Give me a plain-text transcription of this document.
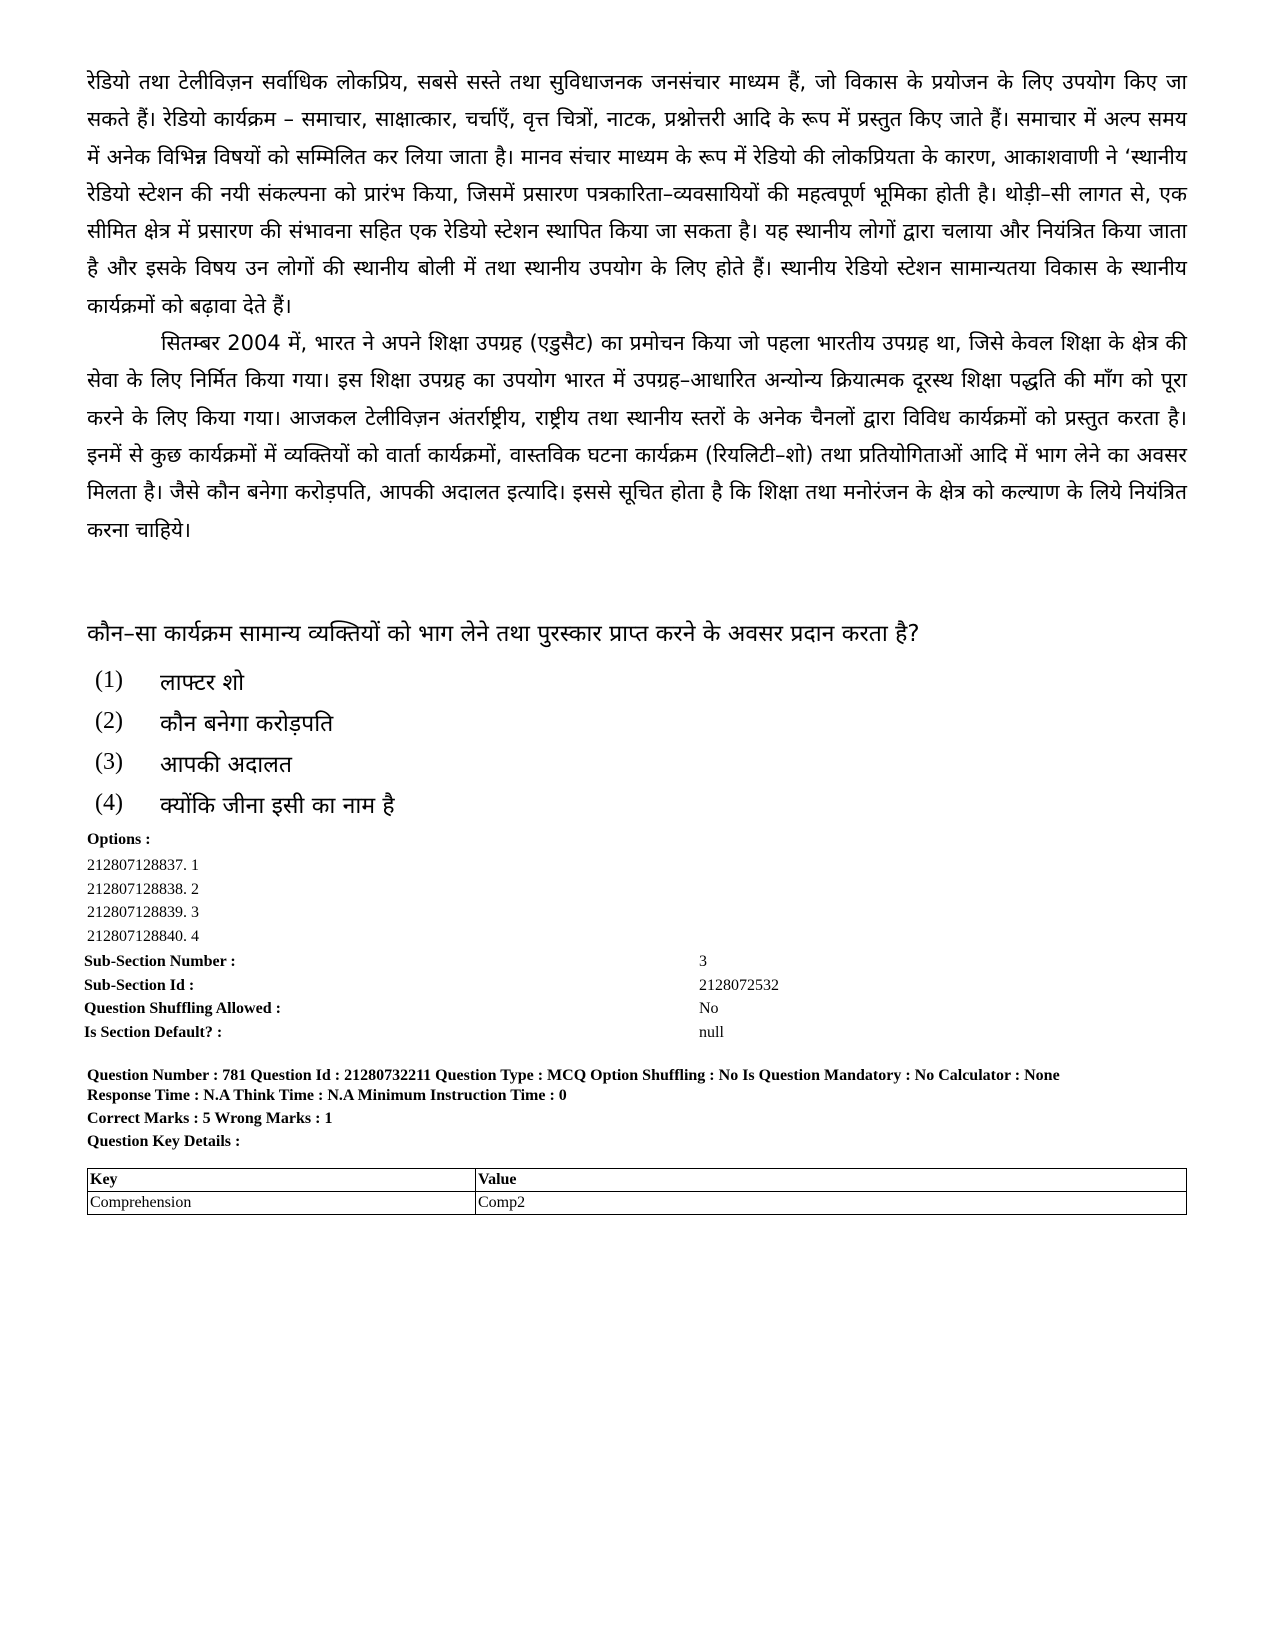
रेडियो तथा टेलीविज़न सर्वाधिक लोकप्रिय, सबसे सस्ते तथा सुविधाजनक जनसंचार माध्यम हैं, जो विकास के प्रयोजन के लिए उपयोग किए जा सकते हैं। रेडियो कार्यक्रम – समाचार, साक्षात्कार, चर्चाएँ, वृत्त चित्रों, नाटक, प्रश्नोत्तरी आदि के रूप में प्रस्तुत किए जाते हैं। समाचार में अल्प समय में अनेक विभिन्न विषयों को सम्मिलित कर लिया जाता है। मानव संचार माध्यम के रूप में रेडियो की लोकप्रियता के कारण, आकाशवाणी ने ‘स्थानीय रेडियो स्टेशन की नयी संकल्पना को प्रारंभ किया, जिसमें प्रसारण पत्रकारिता–व्यवसायियों की महत्वपूर्ण भूमिका होती है। थोड़ी–सी लागत से, एक सीमित क्षेत्र में प्रसारण की संभावना सहित एक रेडियो स्टेशन स्थापित किया जा सकता है। यह स्थानीय लोगों द्वारा चलाया और नियंत्रित किया जाता है और इसके विषय उन लोगों की स्थानीय बोली में तथा स्थानीय उपयोग के लिए होते हैं। स्थानीय रेडियो स्टेशन सामान्यतया विकास के स्थानीय कार्यक्रमों को बढ़ावा देते हैं।

सितम्बर 2004 में, भारत ने अपने शिक्षा उपग्रह (एडुसैट) का प्रमोचन किया जो पहला भारतीय उपग्रह था, जिसे केवल शिक्षा के क्षेत्र की सेवा के लिए निर्मित किया गया। इस शिक्षा उपग्रह का उपयोग भारत में उपग्रह–आधारित अन्योन्य क्रियात्मक दूरस्थ शिक्षा पद्धति की माँग को पूरा करने के लिए किया गया। आजकल टेलीविज़न अंतर्राष्ट्रीय, राष्ट्रीय तथा स्थानीय स्तरों के अनेक चैनलों द्वारा विविध कार्यक्रमों को प्रस्तुत करता है। इनमें से कुछ कार्यक्रमों में व्यक्तियों को वार्ता कार्यक्रमों, वास्तविक घटना कार्यक्रम (रियलिटी–शो) तथा प्रतियोगिताओं आदि में भाग लेने का अवसर मिलता है। जैसे कौन बनेगा करोड़पति, आपकी अदालत इत्यादि। इससे सूचित होता है कि शिक्षा तथा मनोरंजन के क्षेत्र को कल्याण के लिये नियंत्रित करना चाहिये।

कौन–सा कार्यक्रम सामान्य व्यक्तियों को भाग लेने तथा पुरस्कार प्राप्त करने के अवसर प्रदान करता है?
(1)	लाफ्टर शो
(2)	कौन बनेगा करोड़पति
(3)	आपकी अदालत
(4)	क्योंकि जीना इसी का नाम है
Options :
212807128837. 1
212807128838. 2
212807128839. 3
212807128840. 4
Sub-Section Number :	3
Sub-Section Id :	2128072532
Question Shuffling Allowed :	No
Is Section Default? :	null
Question Number : 781 Question Id : 21280732211 Question Type : MCQ Option Shuffling : No Is Question Mandatory : No Calculator : None
Response Time : N.A Think Time : N.A Minimum Instruction Time : 0
Correct Marks : 5 Wrong Marks : 1
Question Key Details :
Key	Value
Comprehension	Comp2
